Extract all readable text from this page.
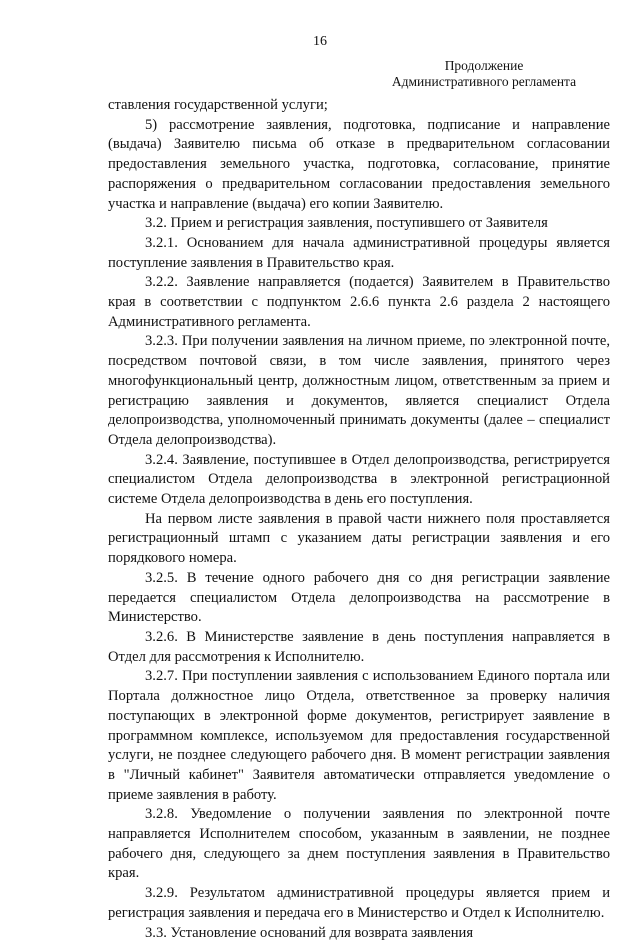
16
Продолжение
Административного регламента

ставления государственной услуги;

5) рассмотрение заявления, подготовка, подписание и направление (выдача) Заявителю письма об отказе в предварительном согласовании предоставления земельного участка, подготовка, согласование, принятие распоряжения о предварительном согласовании предоставления земельного участка и направление (выдача) его копии Заявителю.

3.2. Прием и регистрация заявления, поступившего от Заявителя

3.2.1. Основанием для начала административной процедуры является поступление заявления в Правительство края.

3.2.2. Заявление направляется (подается) Заявителем в Правительство края в соответствии с подпунктом 2.6.6 пункта 2.6 раздела 2 настоящего Административного регламента.

3.2.3. При получении заявления на личном приеме, по электронной почте, посредством почтовой связи, в том числе заявления, принятого через многофункциональный центр, должностным лицом, ответственным за прием и регистрацию заявления и документов, является специалист Отдела делопроизводства, уполномоченный принимать документы (далее – специалист Отдела делопроизводства).

3.2.4. Заявление, поступившее в Отдел делопроизводства, регистрируется специалистом Отдела делопроизводства в электронной регистрационной системе Отдела делопроизводства в день его поступления.

На первом листе заявления в правой части нижнего поля проставляется регистрационный штамп с указанием даты регистрации заявления и его порядкового номера.

3.2.5. В течение одного рабочего дня со дня регистрации заявление передается специалистом Отдела делопроизводства на рассмотрение в Министерство.

3.2.6. В Министерстве заявление в день поступления направляется в Отдел для рассмотрения к Исполнителю.

3.2.7. При поступлении заявления с использованием Единого портала или Портала должностное лицо Отдела, ответственное за проверку наличия поступающих в электронной форме документов, регистрирует заявление в программном комплексе, используемом для предоставления государственной услуги, не позднее следующего рабочего дня. В момент регистрации заявления в "Личный кабинет" Заявителя автоматически отправляется уведомление о приеме заявления в работу.

3.2.8. Уведомление о получении заявления по электронной почте направляется Исполнителем способом, указанным в заявлении, не позднее рабочего дня, следующего за днем поступления заявления в Правительство края.

3.2.9. Результатом административной процедуры является прием и регистрация заявления и передача его в Министерство и Отдел к Исполнителю.

3.3. Установление оснований для возврата заявления
